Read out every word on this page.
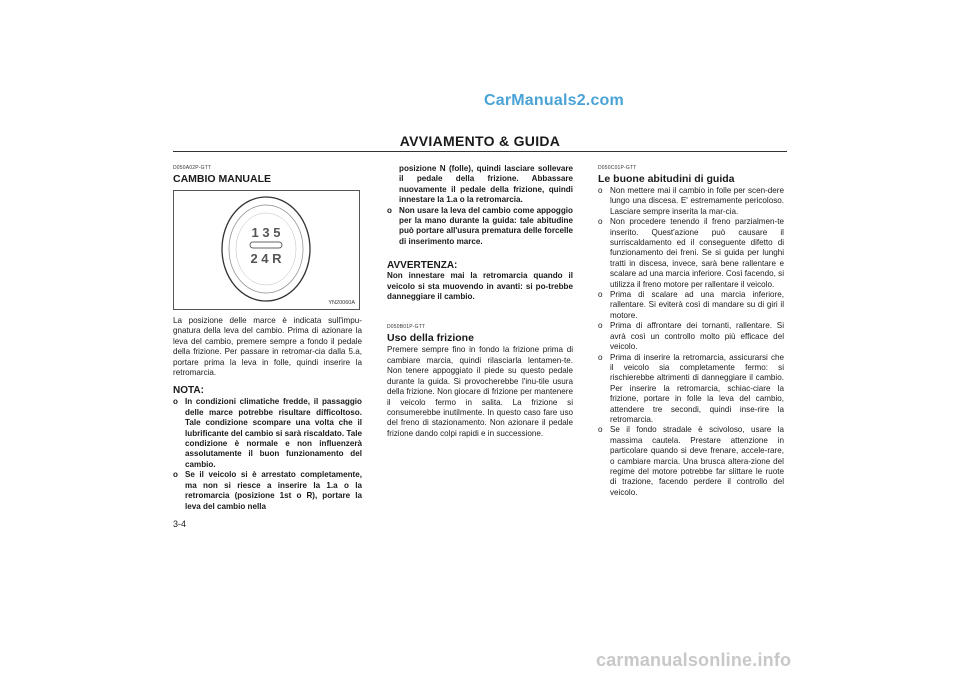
CarManuals2.com
AVVIAMENTO & GUIDA
D050A02P-GTT
CAMBIO MANUALE
1 3 5
2 4 R
YN20060A
La posizione delle marce è indicata sull'impu-gnatura della leva del cambio. Prima di azionare la leva del cambio, premere sempre a fondo il pedale della frizione. Per passare in retromar-cia dalla 5.a, portare prima la leva in folle, quindi inserire la retromarcia.
NOTA:
o In condizioni climatiche fredde, il passaggio delle marce potrebbe risultare difficoltoso. Tale condizione scompare una volta che il lubrificante del cambio si sarà riscaldato. Tale condizione è normale e non influenzerà assolutamente il buon funzionamento del cambio.
o Se il veicolo si è arrestato completamente, ma non si riesce a inserire la 1.a o la retromarcia (posizione 1st o R), portare la leva del cambio nella
posizione N (folle), quindi lasciare sollevare il pedale della frizione. Abbassare nuovamente il pedale della frizione, quindi innestare la 1.a o la retromarcia.
o Non usare la leva del cambio come appoggio per la mano durante la guida: tale abitudine può portare all'usura prematura delle forcelle di inserimento marce.
AVVERTENZA:
Non innestare mai la retromarcia quando il veicolo si sta muovendo in avanti: si po-trebbe danneggiare il cambio.
D050B01P-GTT
Uso della frizione
Premere sempre fino in fondo la frizione prima di cambiare marcia, quindi rilasciarla lentamen-te. Non tenere appoggiato il piede su questo pedale durante la guida. Si provocherebbe l'inu-tile usura della frizione. Non giocare di frizione per mantenere il veicolo fermo in salita. La frizione si consumerebbe inutilmente. In questo caso fare uso del freno di stazionamento. Non azionare il pedale frizione dando colpi rapidi e in successione.
D050C01P-GTT
Le buone abitudini di guida
o Non mettere mai il cambio in folle per scen-dere lungo una discesa. E' estremamente pericoloso. Lasciare sempre inserita la mar-cia.
o Non procedere tenendo il freno parzialmen-te inserito. Quest'azione può causare il surriscaldamento ed il conseguente difetto di funzionamento dei freni. Se si guida per lunghi tratti in discesa, invece, sarà bene rallentare e scalare ad una marcia inferiore. Così facendo, si utilizza il freno motore per rallentare il veicolo.
o Prima di scalare ad una marcia inferiore, rallentare. Si eviterà così di mandare su di giri il motore.
o Prima di affrontare dei tornanti, rallentare. Si avrà così un controllo molto più efficace del veicolo.
o Prima di inserire la retromarcia, assicurarsi che il veicolo sia completamente fermo: si rischierebbe altrimenti di danneggiare il cambio. Per inserire la retromarcia, schiac-ciare la frizione, portare in folle la leva del cambio, attendere tre secondi, quindi inse-rire la retromarcia.
o Se il fondo stradale è scivoloso, usare la massima cautela. Prestare attenzione in particolare quando si deve frenare, accele-rare, o cambiare marcia. Una brusca altera-zione del regime del motore potrebbe far slittare le ruote di trazione, facendo perdere il controllo del veicolo.
3-4
carmanualsonline.info
